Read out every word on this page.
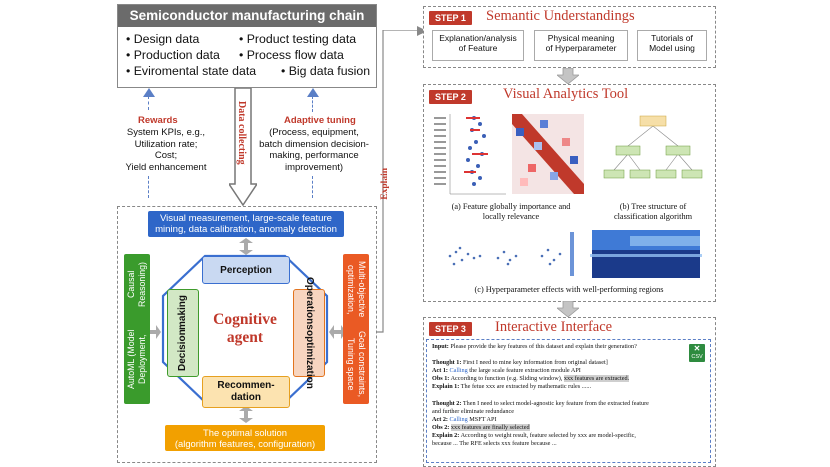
Semiconductor manufacturing chain
• Design data	• Product testing data
• Production data • Process flow data
• Eviromental state data • Big data fusion
Rewards
System KPIs, e.g.,
Utilization rate;
Cost;
Yield enhancement
Data collecting	Adaptive tuning
(Process, equipment,
batch dimension decision-
making, performance
improvement)
Explain
Visual measurement, large-scale feature
mining, data calibration, anomaly detection
Perception
Operations
optimization
Recommen-
dation
Decision
making	Cognitive
agent
AutoML (Model Deployment,
Causal Reasoning)	Multi-objective optimization,
Goal constraints, Tuning space
The optimal solution
(algorithm features, configuration)
STEP 1	Semantic Understandings
Explanation/analysis
of Feature
Physical meaning
of Hyperparameter
Tutorials of
Model using
STEP 2	Visual Analytics Tool
(a) Feature globally importance and
locally relevance
(b) Tree structure of
classification algorithm
(c) Hyperparameter effects with well-performing regions
STEP 3	Interactive Interface
✕
CSV
Input: Please provide the key features of this dataset and explain their generation?
Thought 1: First I need to mine key information from original dataset]
Act 1: Calling the large scale feature extraction module API
Obs 1: According to function (e.g. Sliding window), xxx features are extracted.
Explain 1: The fetue xxx are extracted by mathematic rules ......
Thought 2: Then I need to select model-agnostic key feature from the extracted feature
and further eliminate redundance
Act 2: Calling MSFT API
Obs 2: xxx features are finally selected
Explain 2: According to weight result, feature selected by xxx are model-specific,
because ... The RFE selects xxx feature because ...
